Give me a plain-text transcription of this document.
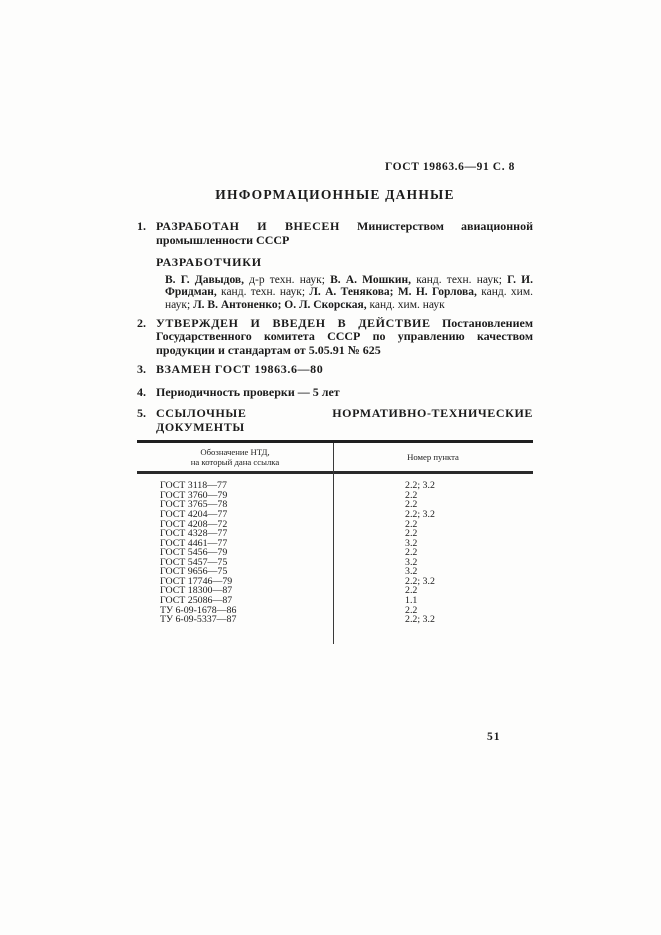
ГОСТ 19863.6—91 С. 8
ИНФОРМАЦИОННЫЕ ДАННЫЕ
1. РАЗРАБОТАН И ВНЕСЕН Министерством авиационной промышленности СССР
РАЗРАБОТЧИКИ

В. Г. Давыдов, д-р техн. наук; В. А. Мошкин, канд. техн. наук; Г. И. Фридман, канд. техн. наук; Л. А. Тенякова; М. Н. Горлова, канд. хим. наук; Л. В. Антоненко; О. Л. Скорская, канд. хим. наук

2. УТВЕРЖДЕН И ВВЕДЕН В ДЕЙСТВИЕ Постановлением Государственного комитета СССР по управлению качеством продукции и стандартам от 5.05.91 № 625
3. ВЗАМЕН ГОСТ 19863.6—80
4. Периодичность проверки — 5 лет
5. ССЫЛОЧНЫЕ НОРМАТИВНО-ТЕХНИЧЕСКИЕ ДОКУМЕНТЫ
Обозначение НТД,
на который дана ссылка	Номер пункта
ГОСТ 3118—77	2.2; 3.2
ГОСТ 3760—79	2.2
ГОСТ 3765—78	2.2
ГОСТ 4204—77	2.2; 3.2
ГОСТ 4208—72	2.2
ГОСТ 4328—77	2.2
ГОСТ 4461—77	3.2
ГОСТ 5456—79	2.2
ГОСТ 5457—75	3.2
ГОСТ 9656—75	3.2
ГОСТ 17746—79	2.2; 3.2
ГОСТ 18300—87	2.2
ГОСТ 25086—87	1.1
ТУ 6-09-1678—86	2.2
ТУ 6-09-5337—87	2.2; 3.2
51
